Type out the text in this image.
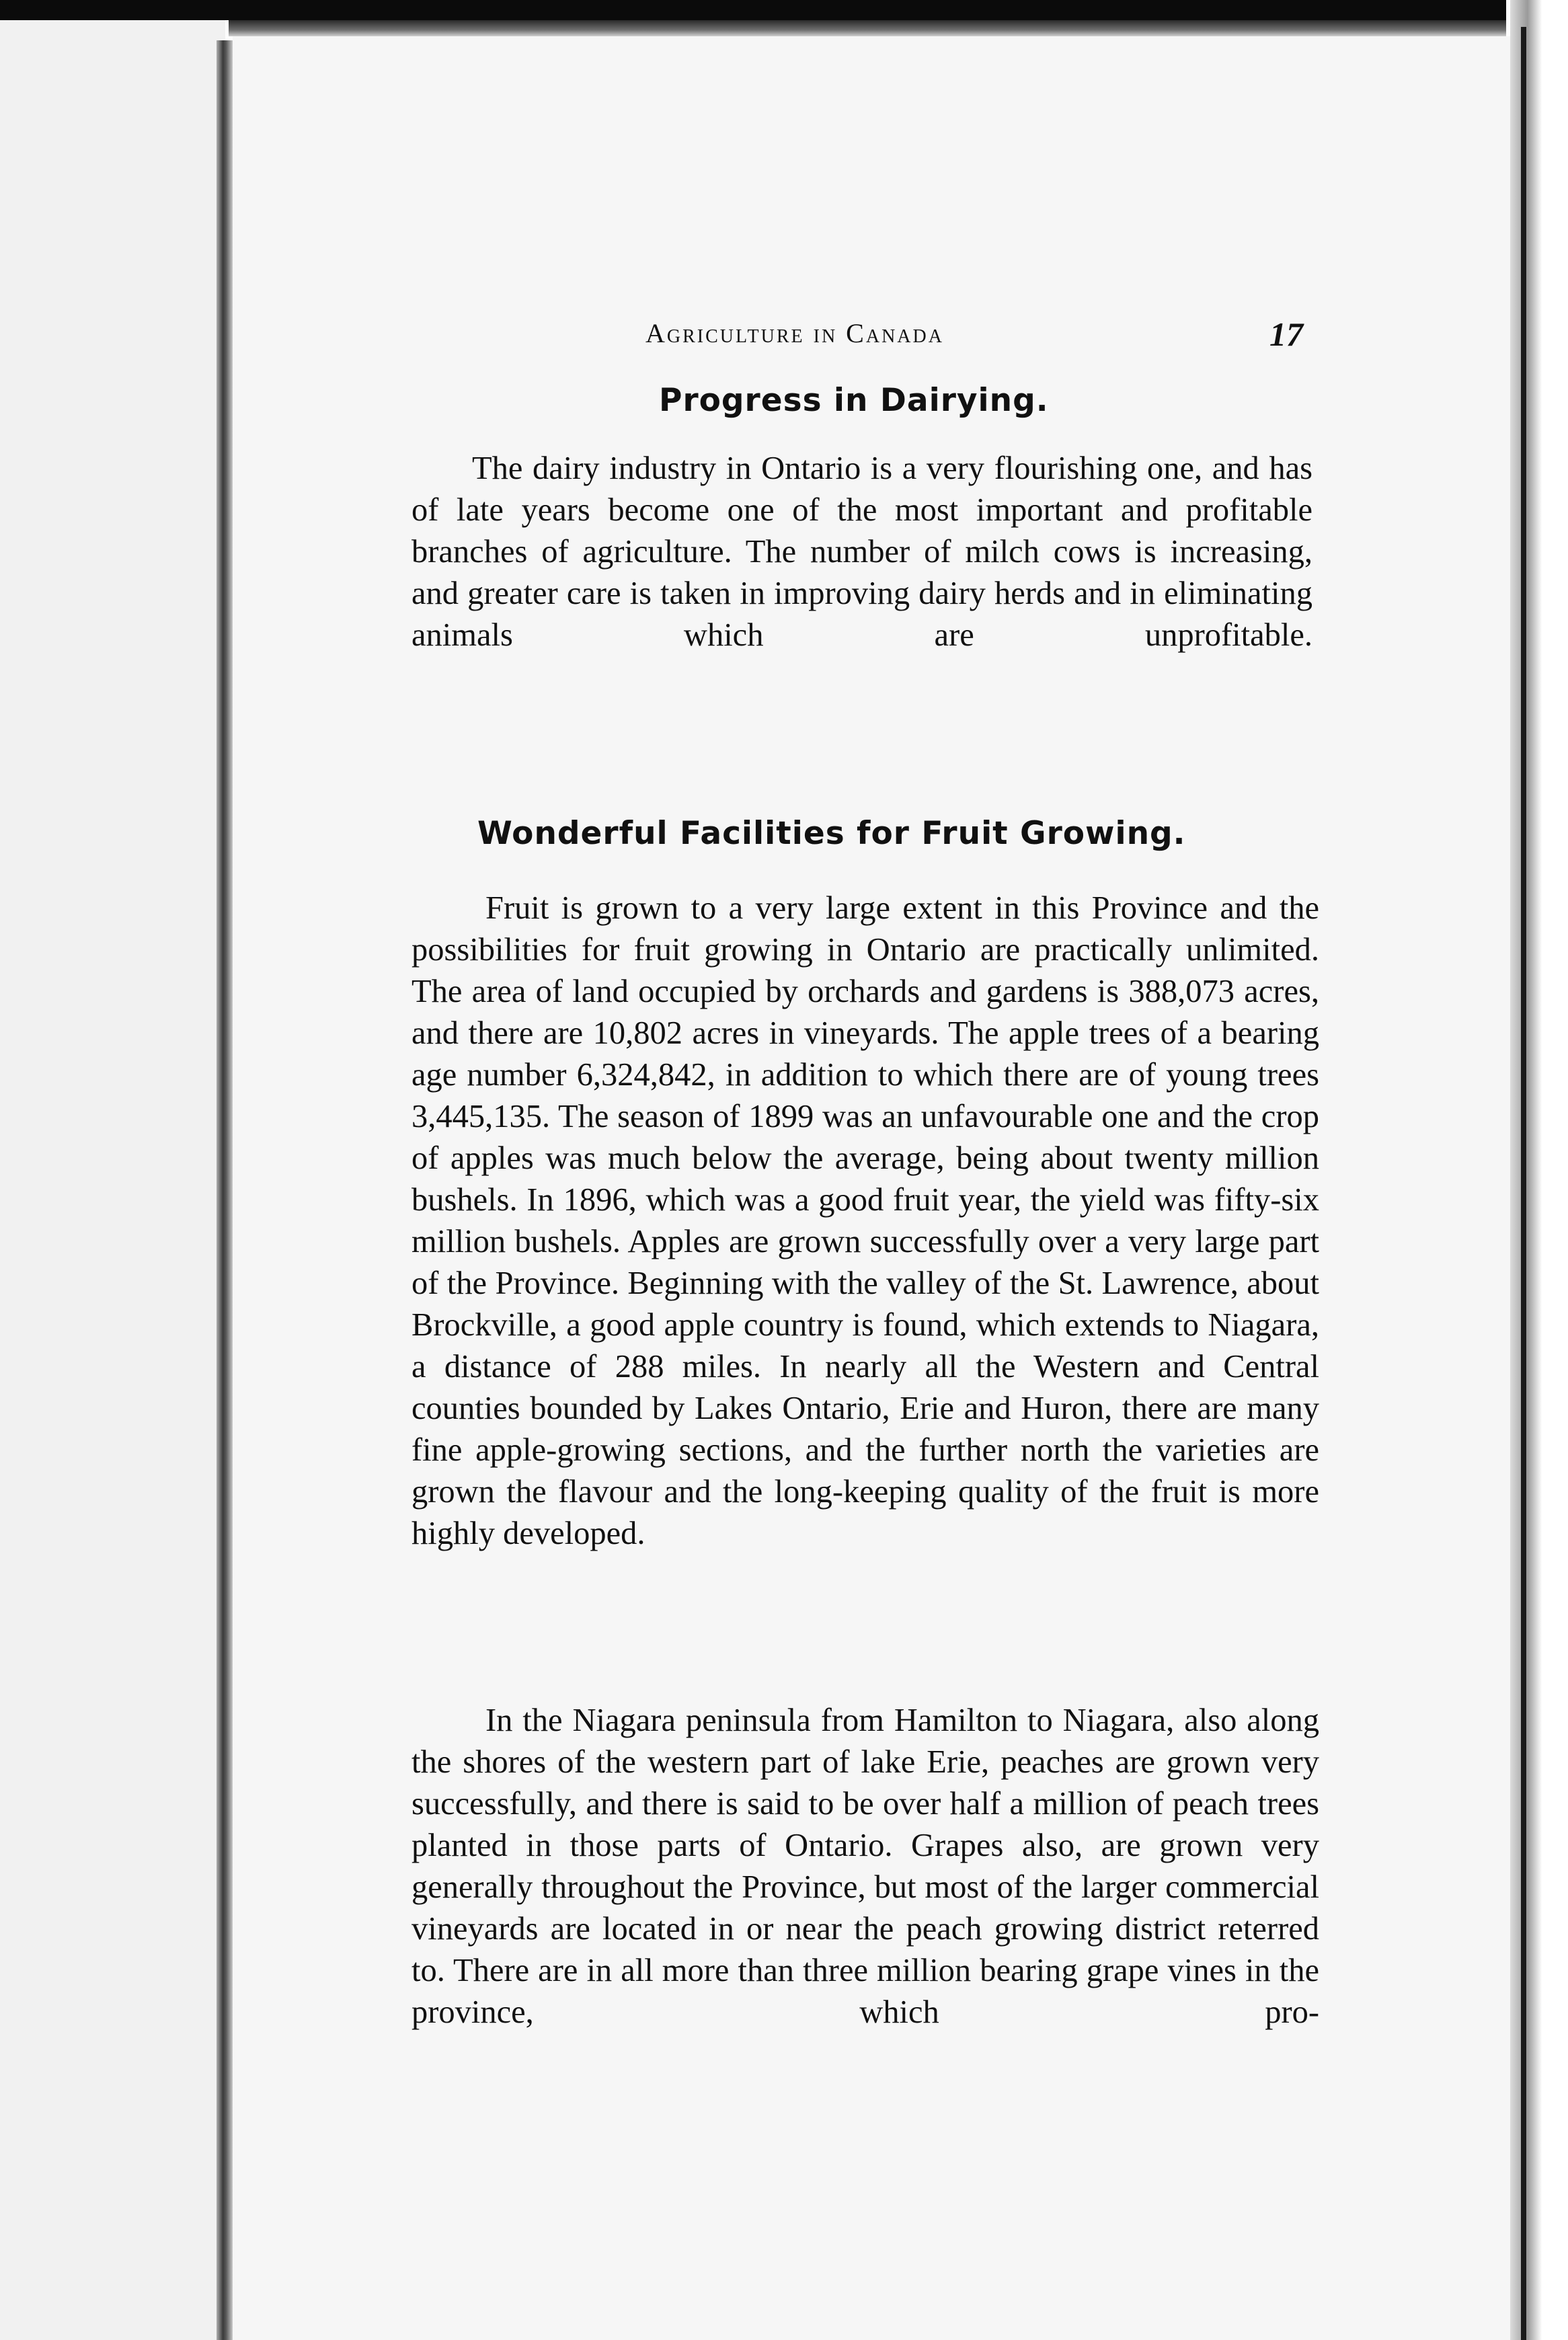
Agriculture in Canada	17
Progress in Dairying.
The dairy industry in Ontario is a very flourishing one, and has of late years become one of the most important and profitable branches of agriculture. The number of milch cows is increasing, and greater care is taken in improving dairy herds and in eliminating animals which are unprofitable.
Wonderful Facilities for Fruit Growing.
Fruit is grown to a very large extent in this Province and the possibilities for fruit growing in Ontario are practically unlimited. The area of land occupied by orchards and gardens is 388,073 acres, and there are 10,802 acres in vineyards. The apple trees of a bearing age number 6,324,842, in addition to which there are of young trees 3,445,135. The season of 1899 was an unfavourable one and the crop of apples was much below the average, being about twenty million bushels. In 1896, which was a good fruit year, the yield was fifty-six million bushels. Apples are grown successfully over a very large part of the Province. Beginning with the valley of the St. Lawrence, about Brockville, a good apple country is found, which extends to Niagara, a distance of 288 miles. In nearly all the Western and Central counties bounded by Lakes Ontario, Erie and Huron, there are many fine apple-growing sections, and the further north the varieties are grown the flavour and the long-keeping quality of the fruit is more highly developed.
In the Niagara peninsula from Hamilton to Niagara, also along the shores of the western part of lake Erie, peaches are grown very successfully, and there is said to be over half a million of peach trees planted in those parts of Ontario. Grapes also, are grown very generally throughout the Province, but most of the larger commercial vineyards are located in or near the peach growing district reterred to. There are in all more than three million bearing grape vines in the province, which pro-
